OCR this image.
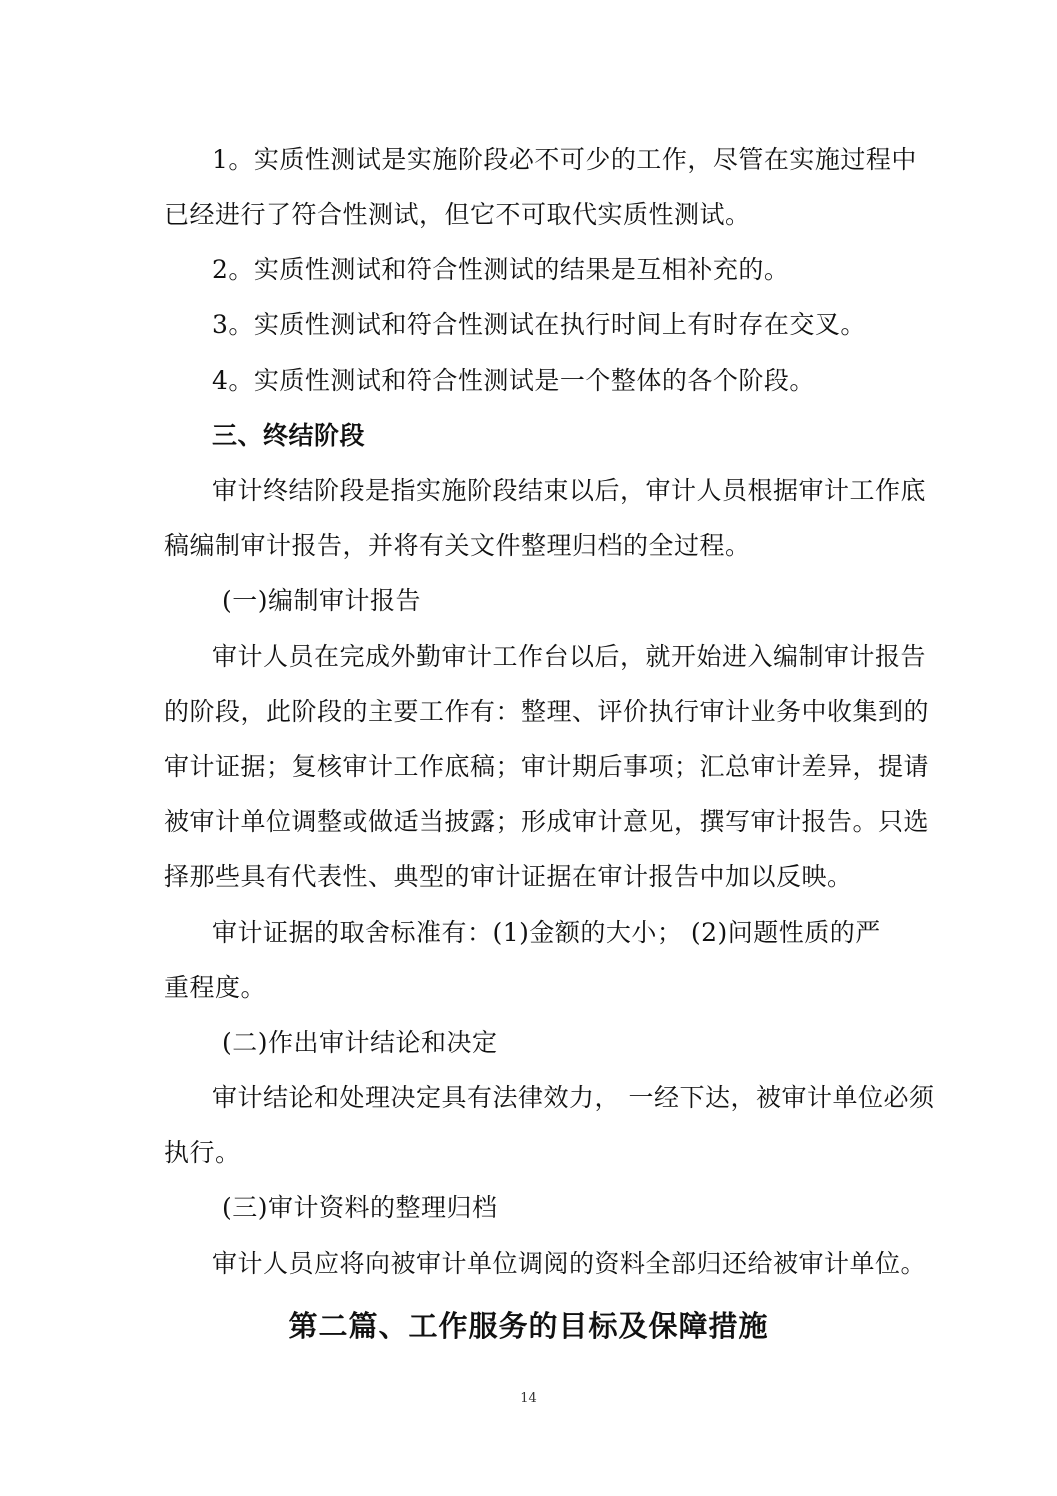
1。实质性测试是实施阶段必不可少的工作，尽管在实施过程中
已经进行了符合性测试，但它不可取代实质性测试。
2。实质性测试和符合性测试的结果是互相补充的。
3。实质性测试和符合性测试在执行时间上有时存在交叉。
4。实质性测试和符合性测试是一个整体的各个阶段。
三、终结阶段
审计终结阶段是指实施阶段结束以后，审计人员根据审计工作底
稿编制审计报告，并将有关文件整理归档的全过程。
(一)编制审计报告
审计人员在完成外勤审计工作台以后，就开始进入编制审计报告
的阶段，此阶段的主要工作有：整理、评价执行审计业务中收集到的
审计证据；复核审计工作底稿；审计期后事项；汇总审计差异，提请
被审计单位调整或做适当披露；形成审计意见，撰写审计报告。只选
择那些具有代表性、典型的审计证据在审计报告中加以反映。
审计证据的取舍标准有：(1)金额的大小； (2)问题性质的严
重程度。
(二)作出审计结论和决定
审计结论和处理决定具有法律效力， 一经下达，被审计单位必须
执行。
(三)审计资料的整理归档
审计人员应将向被审计单位调阅的资料全部归还给被审计单位。
第二篇、工作服务的目标及保障措施
14
